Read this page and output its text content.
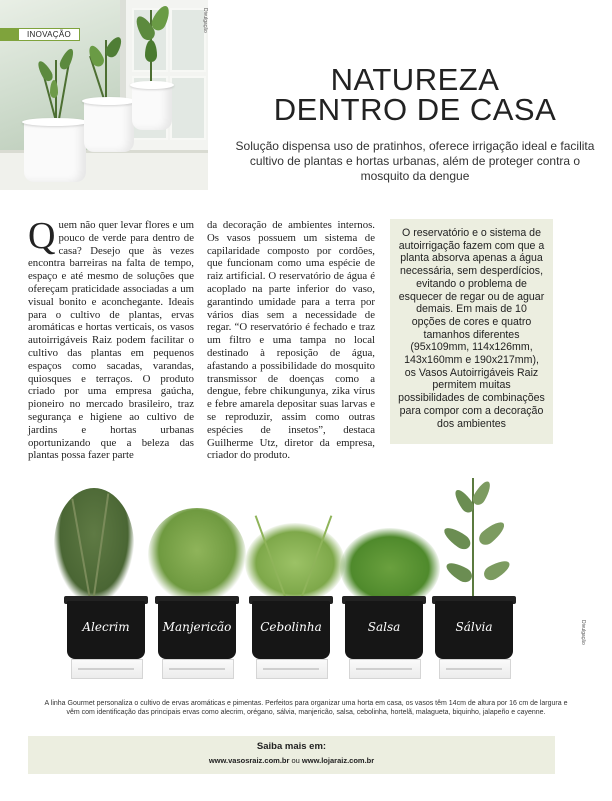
INOVAÇÃO
Divulgação
NATUREZA
DENTRO DE CASA
Solução dispensa uso de pratinhos, oferece irrigação ideal e facilita cultivo de plantas e hortas urbanas, além de proteger contra o mosquito da dengue
Quem não quer levar flores e um pouco de verde para dentro de casa? Desejo que às vezes encontra barreiras na falta de tempo, espaço e até mesmo de soluções que ofereçam praticidade associadas a um visual bonito e aconchegante. Ideais para o cultivo de plantas, ervas aromáticas e hortas verticais, os vasos autoirrigáveis Raiz podem facilitar o cultivo das plantas em pequenos espaços como sacadas, varandas, quiosques e terraços. O produto criado por uma empresa gaúcha, pioneiro no mercado brasileiro, traz segurança e higiene ao cultivo de jardins e hortas urbanas oportunizando que a beleza das plantas possa fazer parte
da decoração de ambientes internos. Os vasos possuem um sistema de capilaridade composto por cordões, que funcionam como uma espécie de raiz artificial. O reservatório de água é acoplado na parte inferior do vaso, garantindo umidade para a terra por vários dias sem a necessidade de regar. “O reservatório é fechado e traz um filtro e uma tampa no local destinado à reposição de água, afastando a possibilidade do mosquito transmissor de doenças como a dengue, febre chikungunya, zika vírus e febre amarela depositar suas larvas e se reproduzir, assim como outras espécies de insetos”, destaca Guilherme Utz, diretor da empresa, criador do produto.
O reservatório e o sistema de autoirrigação fazem com que a planta absorva apenas a água necessária, sem desperdícios, evitando o problema de esquecer de regar ou de aguar demais. Em mais de 10 opções de cores e quatro tamanhos diferentes (95x109mm, 114x126mm, 143x160mm e 190x217mm), os Vasos Autoirrigáveis Raiz permitem muitas possibilidades de combinações para compor com a decoração dos ambientes
Alecrim	Manjericão	Cebolinha	Salsa	Sálvia	Divulgação
A linha Gourmet personaliza o cultivo de ervas aromáticas e pimentas. Perfeitos para organizar uma horta em casa, os vasos têm 14cm de altura por 16 cm de largura e vêm com identificação das principais ervas como alecrim, orégano, sálvia, manjericão, salsa, cebolinha, hortelã, malagueta, biquinho, jalapeño e cayenne.
Saiba mais em:
www.vasosraiz.com.br ou www.lojaraiz.com.br
